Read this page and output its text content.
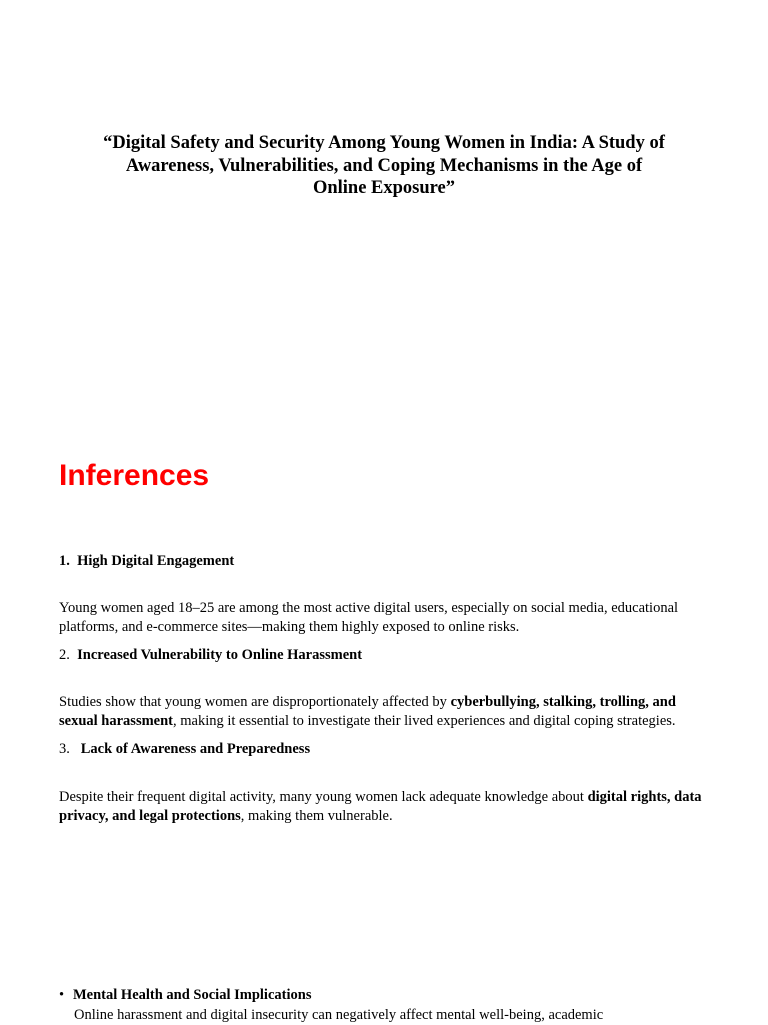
“Digital Safety and Security Among Young Women in India: A Study of Awareness, Vulnerabilities, and Coping Mechanisms in the Age of Online Exposure”
Inferences

1. High Digital Engagement

Young women aged 18–25 are among the most active digital users, especially on social media, educational platforms, and e-commerce sites—making them highly exposed to online risks.

2. Increased Vulnerability to Online Harassment

Studies show that young women are disproportionately affected by cyberbullying, stalking, trolling, and sexual harassment, making it essential to investigate their lived experiences and digital coping strategies.

3. Lack of Awareness and Preparedness

Despite their frequent digital activity, many young women lack adequate knowledge about digital rights, data privacy, and legal protections, making them vulnerable.

• Mental Health and Social Implications

Online harassment and digital insecurity can negatively affect mental well-being, academic
